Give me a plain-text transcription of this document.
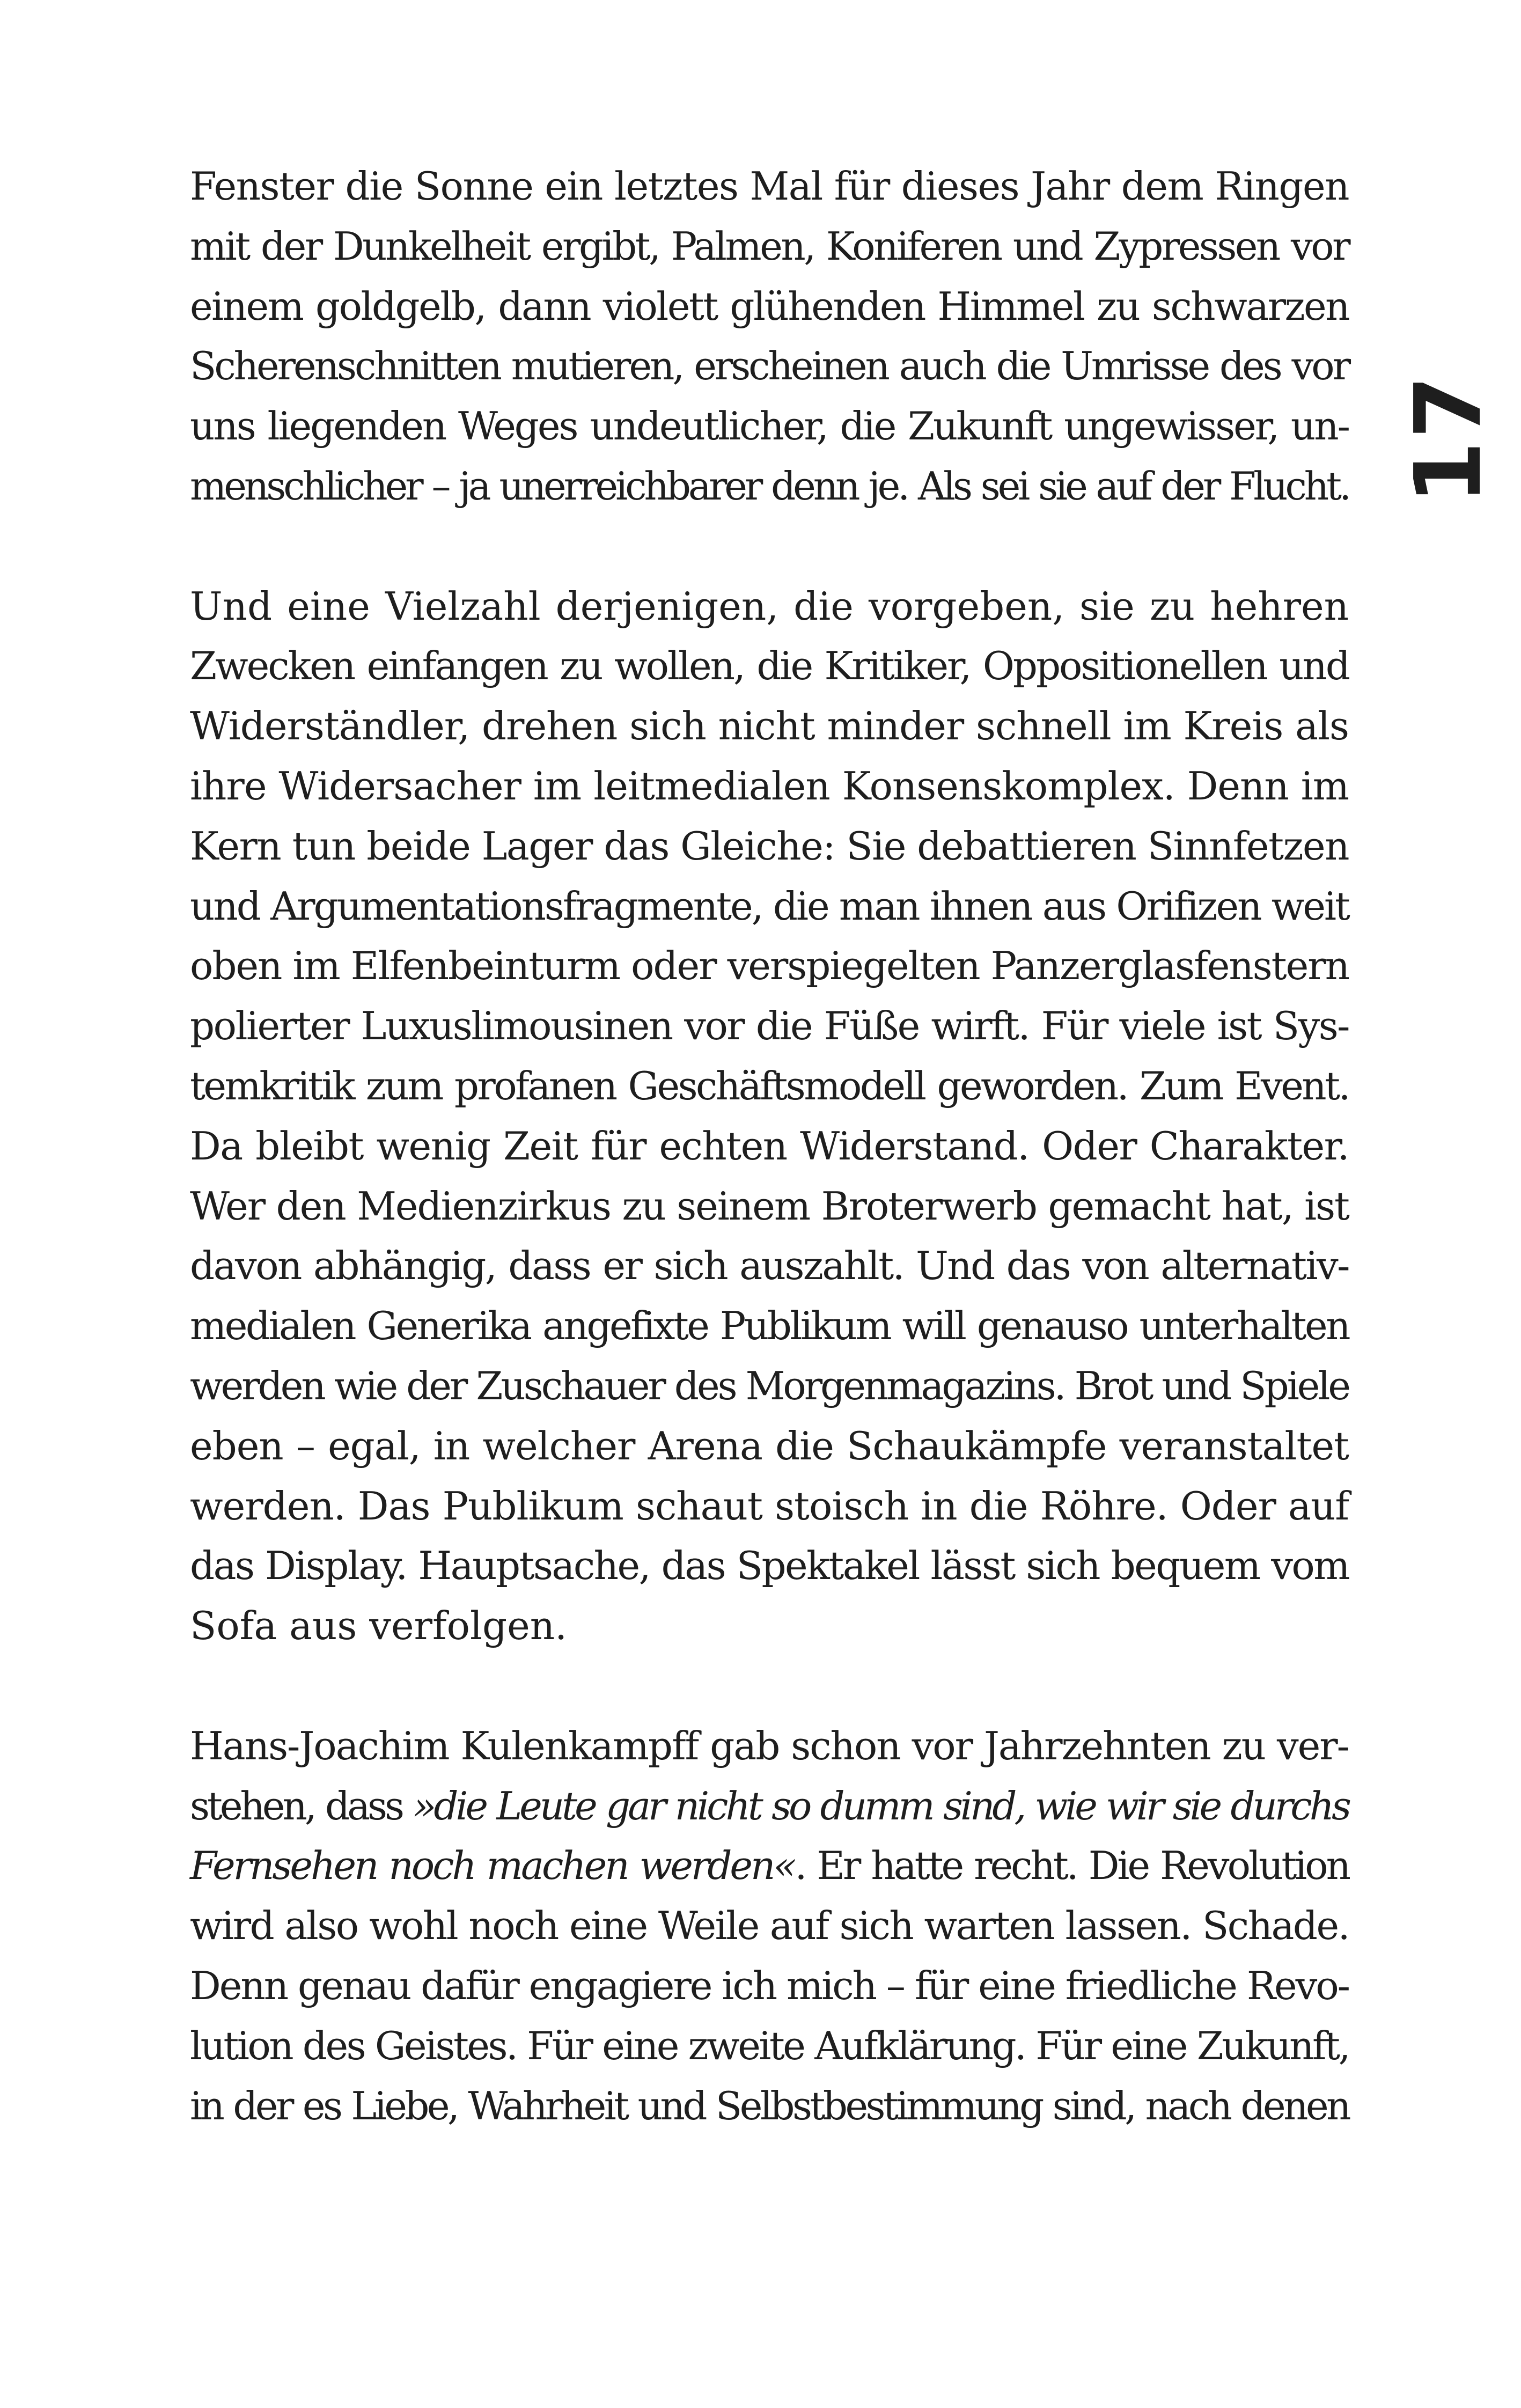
17
Fenster die Sonne ein letztes Mal für dieses Jahr dem Ringen
mit der Dunkelheit ergibt, Palmen, Koniferen und Zypressen vor
einem goldgelb, dann violett glühenden Himmel zu schwarzen
Scherenschnitten mutieren, erscheinen auch die Umrisse des vor
uns liegenden Weges undeutlicher, die Zukunft ungewisser, un-
menschlicher – ja unerreichbarer denn je. Als sei sie auf der Flucht.
Und eine Vielzahl derjenigen, die vorgeben, sie zu hehren
Zwecken einfangen zu wollen, die Kritiker, Oppositionellen und
Widerständler, drehen sich nicht minder schnell im Kreis als
ihre Widersacher im leitmedialen Konsenskomplex. Denn im
Kern tun beide Lager das Gleiche: Sie debattieren Sinnfetzen
und Argumentationsfragmente, die man ihnen aus Orifizen weit
oben im Elfenbeinturm oder verspiegelten Panzerglasfenstern
polierter Luxuslimousinen vor die Füße wirft. Für viele ist Sys-
temkritik zum profanen Geschäftsmodell geworden. Zum Event.
Da bleibt wenig Zeit für echten Widerstand. Oder Charakter.
Wer den Medienzirkus zu seinem Broterwerb gemacht hat, ist
davon abhängig, dass er sich auszahlt. Und das von alternativ-
medialen Generika angefixte Publikum will genauso unterhalten
werden wie der Zuschauer des Morgenmagazins. Brot und Spiele
eben – egal, in welcher Arena die Schaukämpfe veranstaltet
werden. Das Publikum schaut stoisch in die Röhre. Oder auf
das Display. Hauptsache, das Spektakel lässt sich bequem vom
Sofa aus verfolgen.
Hans-Joachim Kulenkampff gab schon vor Jahrzehnten zu ver-
stehen, dass »die Leute gar nicht so dumm sind, wie wir sie durchs
Fernsehen noch machen werden«. Er hatte recht. Die Revolution
wird also wohl noch eine Weile auf sich warten lassen. Schade.
Denn genau dafür engagiere ich mich – für eine friedliche Revo-
lution des Geistes. Für eine zweite Aufklärung. Für eine Zukunft,
in der es Liebe, Wahrheit und Selbstbestimmung sind, nach denen
